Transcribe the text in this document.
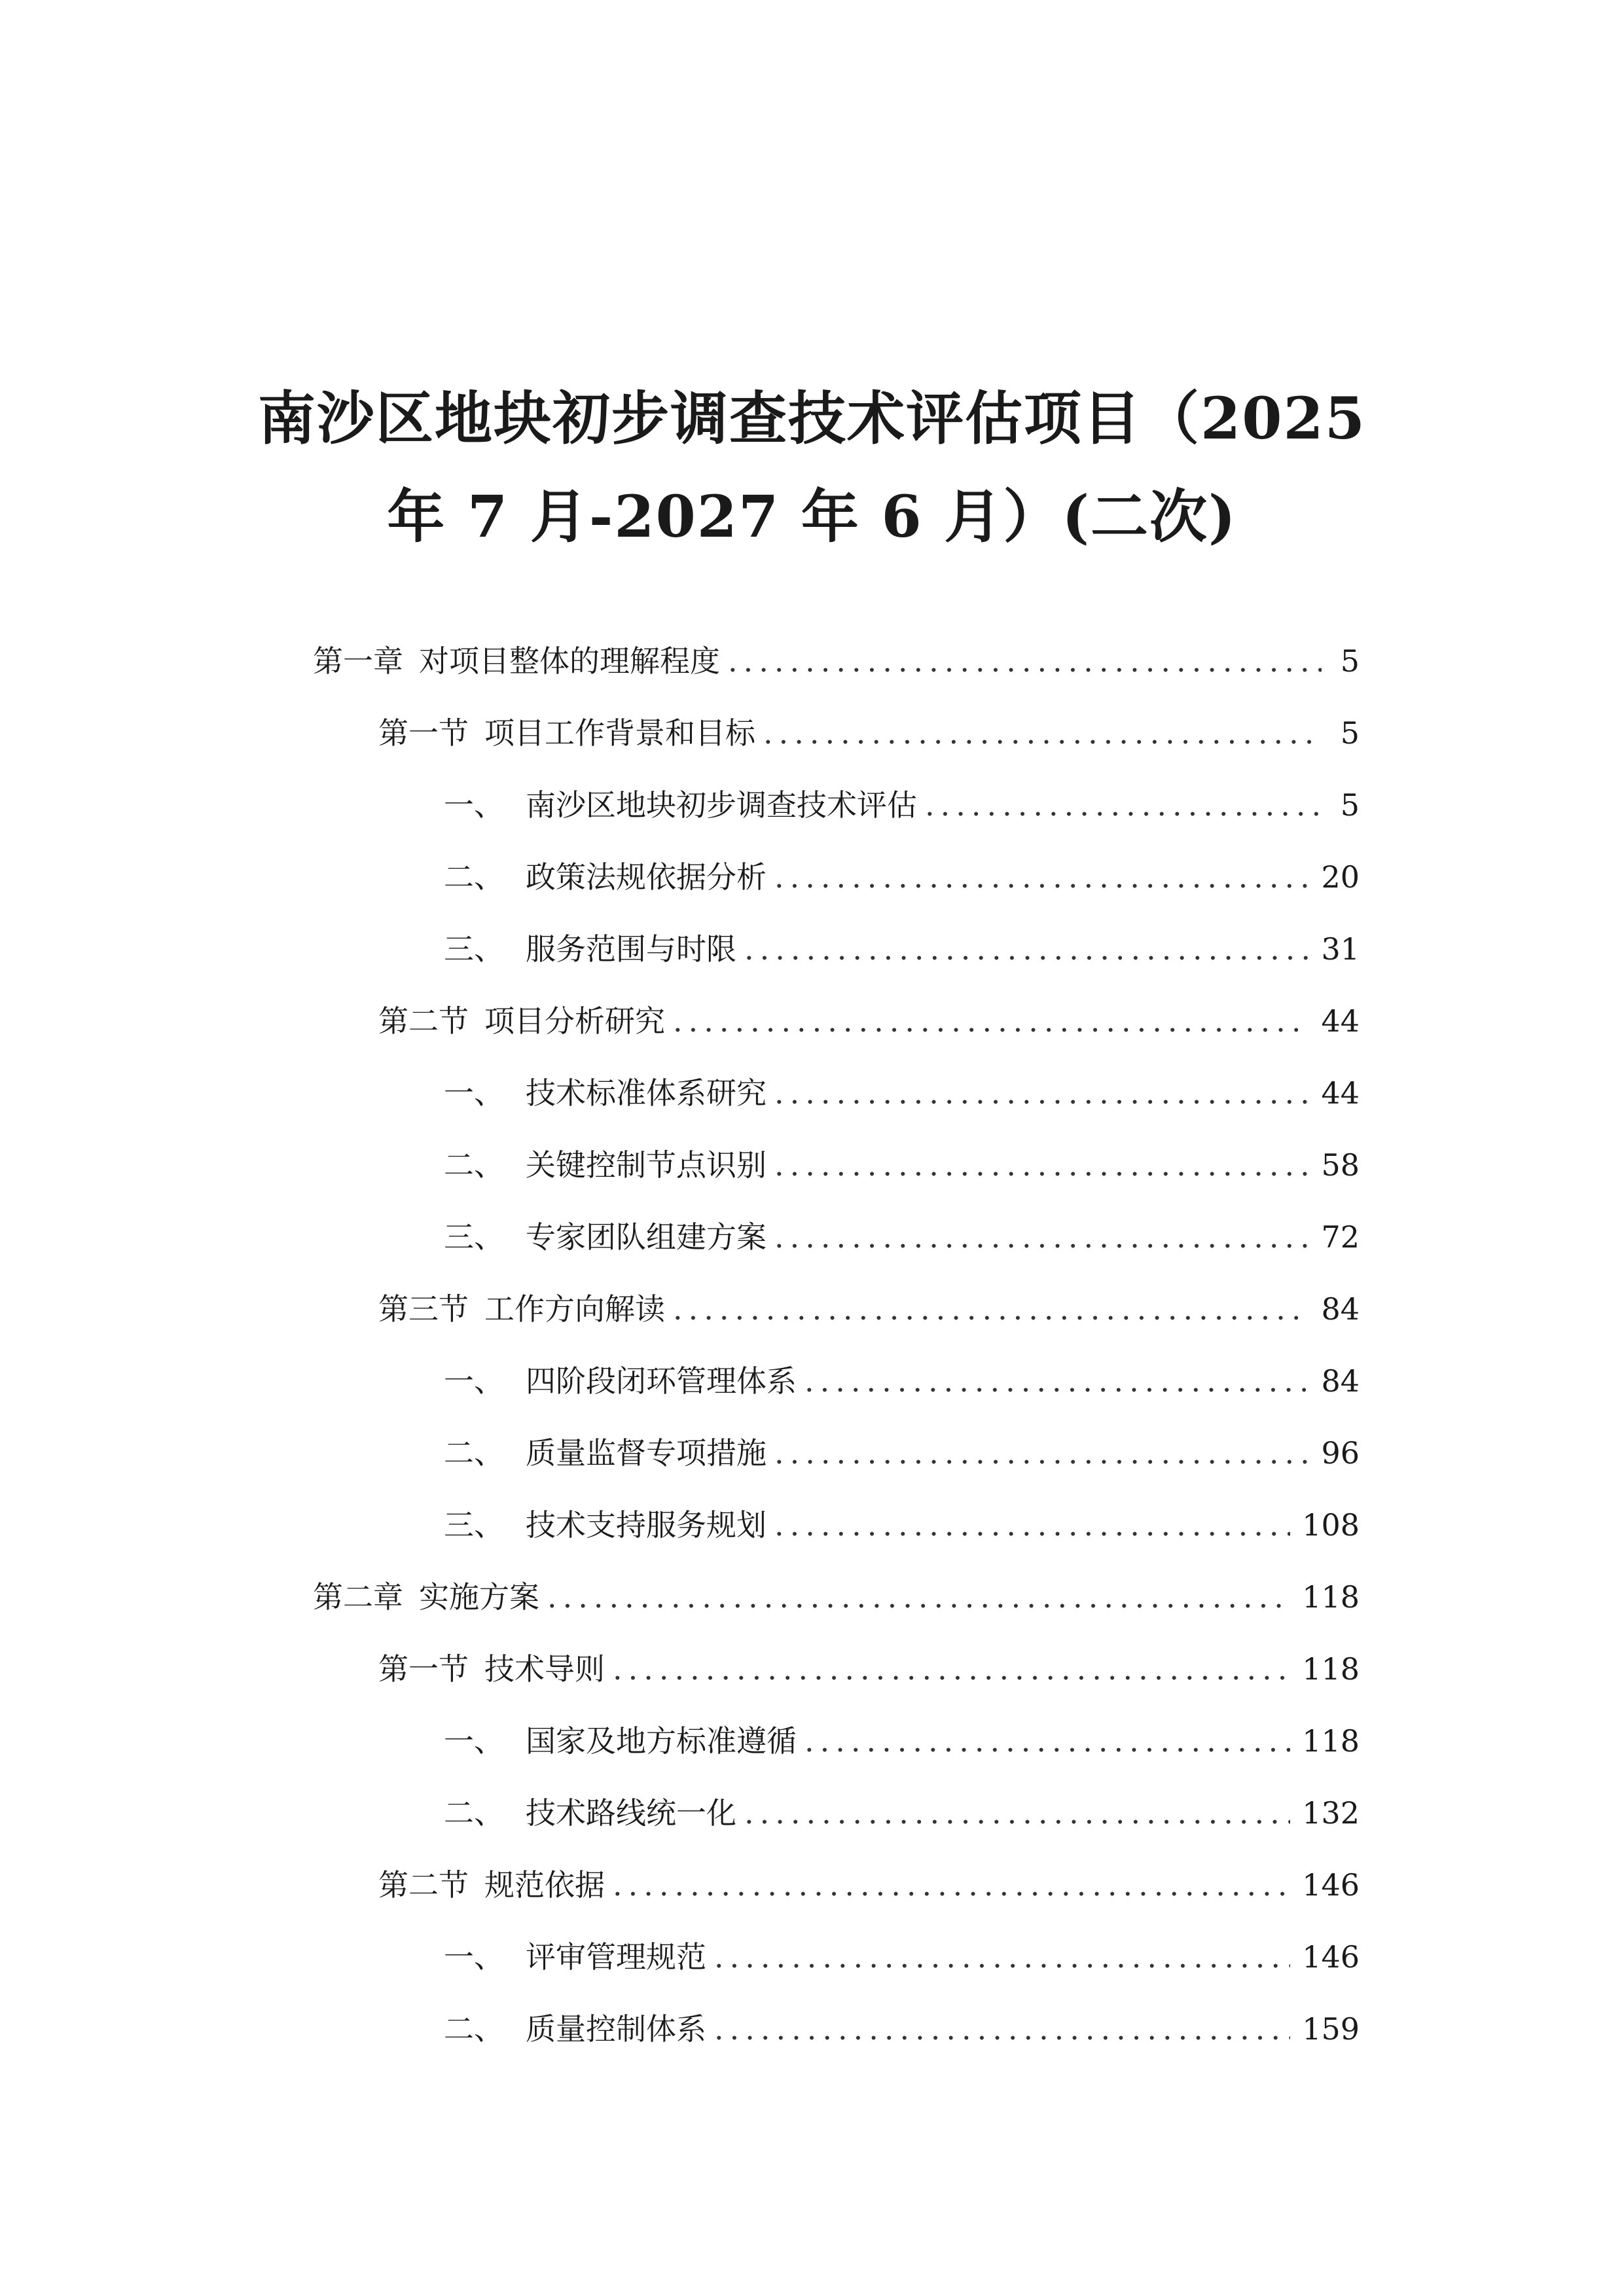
南沙区地块初步调查技术评估项目（2025
年 7 月-2027 年 6 月）(二次)
第一章 对项目整体的理解程度 .....	5
第一节 项目工作背景和目标 .....	5
一、 南沙区地块初步调查技术评估 .....	5
二、 政策法规依据分析 .....	20
三、 服务范围与时限 .....	31
第二节 项目分析研究 .....	44
一、 技术标准体系研究 .....	44
二、 关键控制节点识别 .....	58
三、 专家团队组建方案 .....	72
第三节 工作方向解读 .....	84
一、 四阶段闭环管理体系 .....	84
二、 质量监督专项措施 .....	96
三、 技术支持服务规划 .....	108
第二章 实施方案 .....	118
第一节 技术导则 .....	118
一、 国家及地方标准遵循 .....	118
二、 技术路线统一化 .....	132
第二节 规范依据 .....	146
一、 评审管理规范 .....	146
二、 质量控制体系 .....	159
